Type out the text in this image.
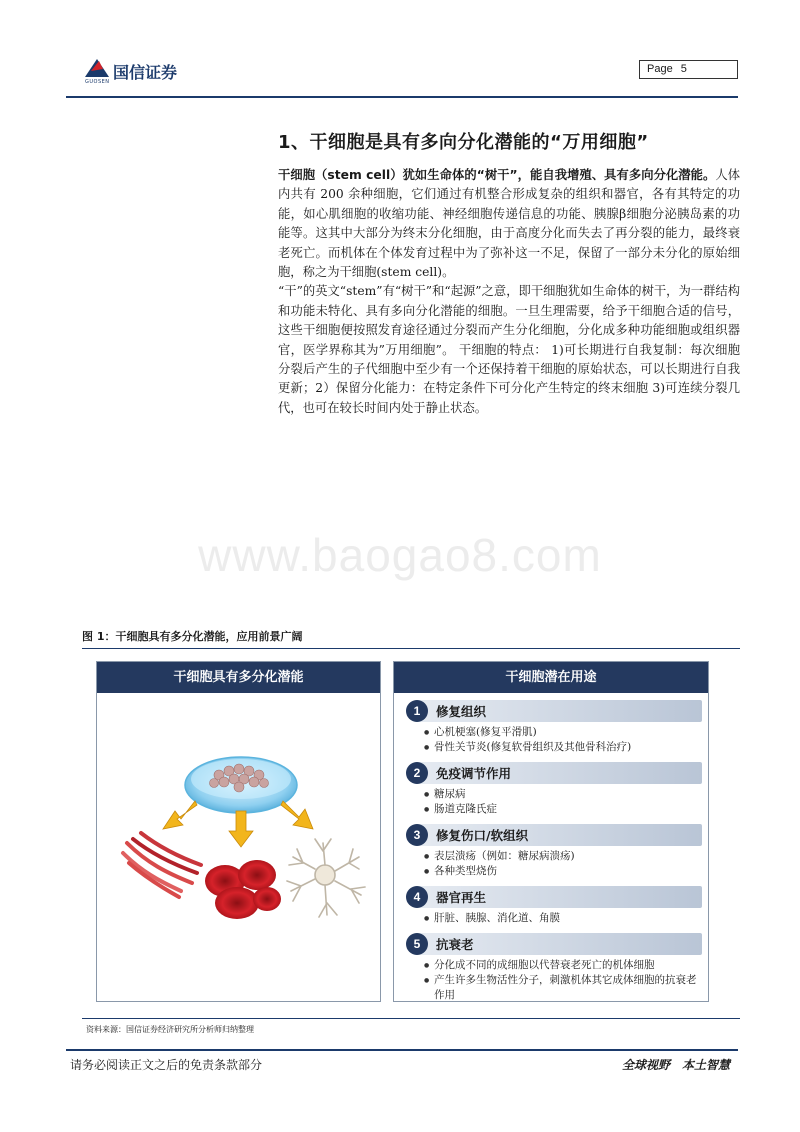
国信证券
GUOSEN
Page 5
1、干细胞是具有多向分化潜能的“万用细胞”

干细胞（stem cell）犹如生命体的“树干”，能自我增殖、具有多向分化潜能。人体内共有 200 余种细胞，它们通过有机整合形成复杂的组织和器官，各有其特定的功能，如心肌细胞的收缩功能、神经细胞传递信息的功能、胰腺β细胞分泌胰岛素的功能等。这其中大部分为终末分化细胞，由于高度分化而失去了再分裂的能力，最终衰老死亡。而机体在个体发育过程中为了弥补这一不足，保留了一部分未分化的原始细胞，称之为干细胞(stem cell)。

“干”的英文“stem”有“树干”和“起源”之意，即干细胞犹如生命体的树干，为一群结构和功能未特化、具有多向分化潜能的细胞。一旦生理需要，给予干细胞合适的信号，这些干细胞便按照发育途径通过分裂而产生分化细胞，分化成多种功能细胞或组织器官，医学界称其为”万用细胞”。 干细胞的特点： 1)可长期进行自我复制：每次细胞分裂后产生的子代细胞中至少有一个还保持着干细胞的原始状态，可以长期进行自我更新；2）保留分化能力：在特定条件下可分化产生特定的终末细胞 3)可连续分裂几代，也可在较长时间内处于静止状态。

www.baogao8.com
图 1：干细胞具有多分化潜能，应用前景广阔
干细胞具有多分化潜能	干细胞潜在用途
1	修复组织
● 心机梗塞(修复平滑肌)
● 骨性关节炎(修复软骨组织及其他骨科治疗)
2	免疫调节作用
● 糖尿病
● 肠道克隆氏症
3	修复伤口/软组织
● 表层溃疡（例如：糖尿病溃疡)
● 各种类型烧伤
4	器官再生
● 肝脏、胰腺、消化道、角膜
5	抗衰老
● 分化成不同的成细胞以代替衰老死亡的机体细胞
● 产生许多生物活性分子，刺激机体其它成体细胞的抗衰老作用
资料来源：国信证券经济研究所分析师归纳整理
请务必阅读正文之后的免责条款部分	全球视野 本土智慧
